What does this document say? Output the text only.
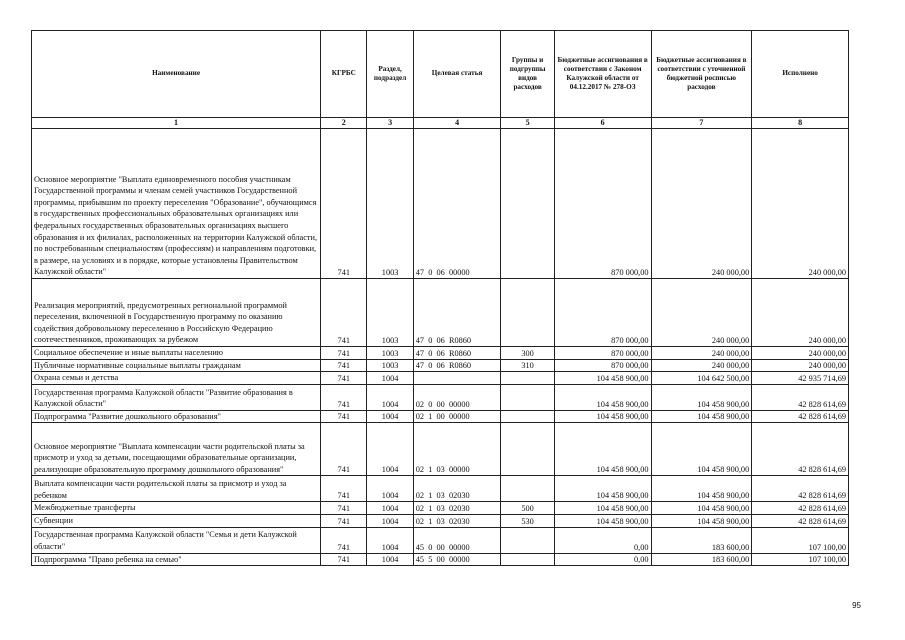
Наименование	КГРБС	Раздел, подраздел	Целевая статья	Группы и подгруппы видов расходов	Бюджетные ассигнования в соответствии с Законом Калужской области от 04.12.2017 № 278-ОЗ	Бюджетные ассигнования в соответствии с уточненной бюджетной росписью расходов	Исполнено
1	2	3	4	5	6	7	8
Основное мероприятие "Выплата единовременного пособия участникам Государственной программы и членам семей участников Государственной программы, прибывшим по проекту переселения "Образование", обучающимся в государственных профессиональных образовательных организациях или федеральных государственных образовательных организациях высшего образования и их филиалах, расположенных на территории Калужской области, по востребованным специальностям (профессиям) и направлениям подготовки, в размере, на условиях и в порядке, которые установлены Правительством Калужской области"	741	1003	47  0  06  00000		870 000,00	240 000,00	240 000,00
Реализация мероприятий, предусмотренных региональной программой переселения, включенной в Государственную программу по оказанию содействия добровольному переселению в Российскую Федерацию соотечественников, проживающих за рубежом	741	1003	47  0  06  R0860		870 000,00	240 000,00	240 000,00
Социальное обеспечение и иные выплаты населению	741	1003	47  0  06  R0860	300	870 000,00	240 000,00	240 000,00
Публичные нормативные социальные выплаты гражданам	741	1003	47  0  06  R0860	310	870 000,00	240 000,00	240 000,00
Охрана семьи и детства	741	1004			104 458 900,00	104 642 500,00	42 935 714,69
Государственная программа Калужской области "Развитие образования в Калужской области"	741	1004	02  0  00  00000		104 458 900,00	104 458 900,00	42 828 614,69
Подпрограмма "Развитие дошкольного образования"	741	1004	02  1  00  00000		104 458 900,00	104 458 900,00	42 828 614,69
Основное мероприятие "Выплата компенсации части родительской платы за присмотр и уход за детьми, посещающими образовательные организации, реализующие образовательную программу дошкольного образования"	741	1004	02  1  03  00000		104 458 900,00	104 458 900,00	42 828 614,69
Выплата компенсации части родительской платы за присмотр и уход за ребенком	741	1004	02  1  03  02030		104 458 900,00	104 458 900,00	42 828 614,69
Межбюджетные трансферты	741	1004	02  1  03  02030	500	104 458 900,00	104 458 900,00	42 828 614,69
Субвенции	741	1004	02  1  03  02030	530	104 458 900,00	104 458 900,00	42 828 614,69
Государственная программа Калужской области "Семья и дети Калужской области"	741	1004	45  0  00  00000		0,00	183 600,00	107 100,00
Подпрограмма "Право ребенка на семью"	741	1004	45  5  00  00000		0,00	183 600,00	107 100,00
95
